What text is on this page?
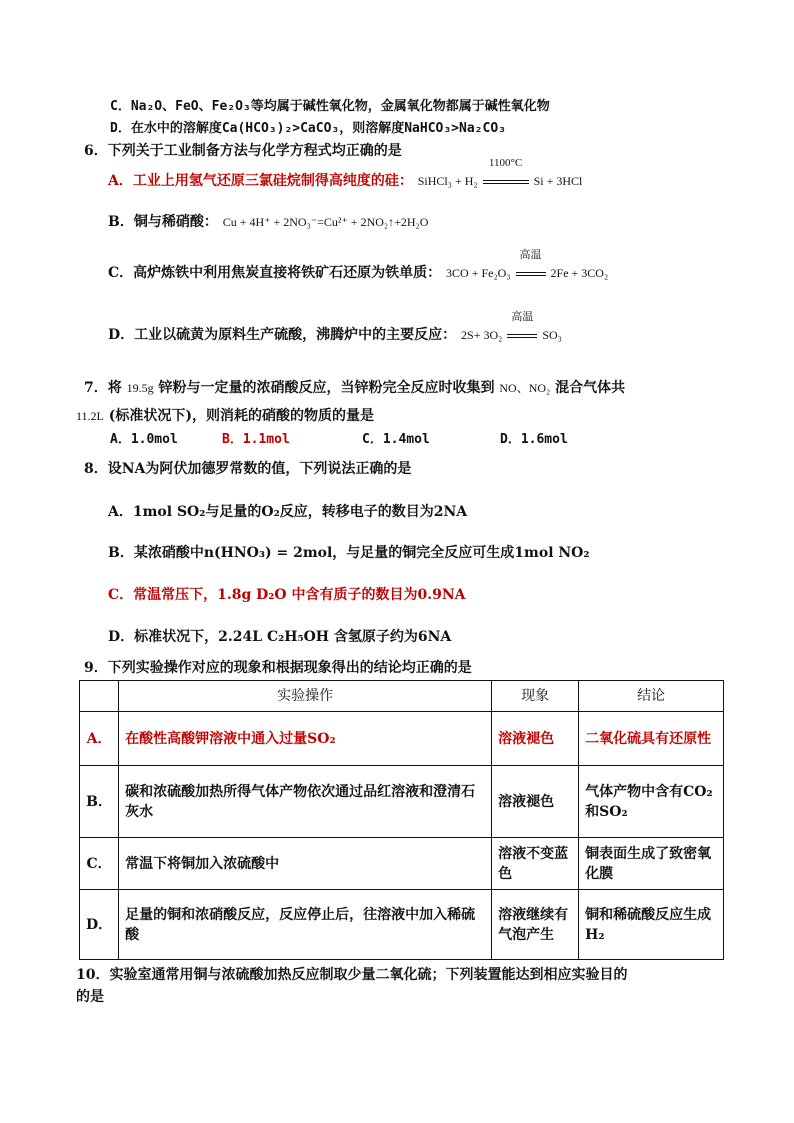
C．Na₂O、FeO、Fe₂O₃等均属于碱性氧化物，金属氧化物都属于碱性氧化物
D．在水中的溶解度Ca(HCO₃)₂>CaCO₃，则溶解度NaHCO₃>Na₂CO₃
6．下列关于工业制备方法与化学方程式均正确的是
A．工业上用氢气还原三氯硅烷制得高纯度的硅： SiHCl₃ + H₂
1100°C
Si + 3HCl
B．铜与稀硝酸： Cu + 4H⁺ + 2NO₃⁻=Cu²⁺ + 2NO₂↑+2H₂O
C．高炉炼铁中利用焦炭直接将铁矿石还原为铁单质： 3CO + Fe₂O₃
高温
2Fe + 3CO₂
D．工业以硫黄为原料生产硫酸，沸腾炉中的主要反应： 2S+ 3O₂
高温
SO₃
7．将 19.5g 锌粉与一定量的浓硝酸反应，当锌粉完全反应时收集到 NO、NO₂ 混合气体共
11.2L (标准状况下)，则消耗的硝酸的物质的量是
A．1.0mol	B．1.1mol	C．1.4mol	D．1.6mol
8．设NA为阿伏加德罗常数的值，下列说法正确的是
A．1mol SO₂与足量的O₂反应，转移电子的数目为2NA
B．某浓硝酸中n(HNO₃) = 2mol，与足量的铜完全反应可生成1mol NO₂
C．常温常压下，1.8g D₂O 中含有质子的数目为0.9NA
D．标准状况下，2.24L C₂H₅OH 含氢原子约为6NA
9．下列实验操作对应的现象和根据现象得出的结论均正确的是
	实验操作	现象	结论
A．	在酸性高酸钾溶液中通入过量SO₂	溶液褪色	二氧化硫具有还原性
B．	碳和浓硫酸加热所得气体产物依次通过品红溶液和澄清石灰水	溶液褪色	气体产物中含有CO₂和SO₂
C．	常温下将铜加入浓硫酸中	溶液不变蓝色	铜表面生成了致密氧化膜
D．	足量的铜和浓硝酸反应，反应停止后，往溶液中加入稀硫酸	溶液继续有气泡产生	铜和稀硫酸反应生成H₂
10．实验室通常用铜与浓硫酸加热反应制取少量二氧化硫；下列装置能达到相应实验目的
的是
